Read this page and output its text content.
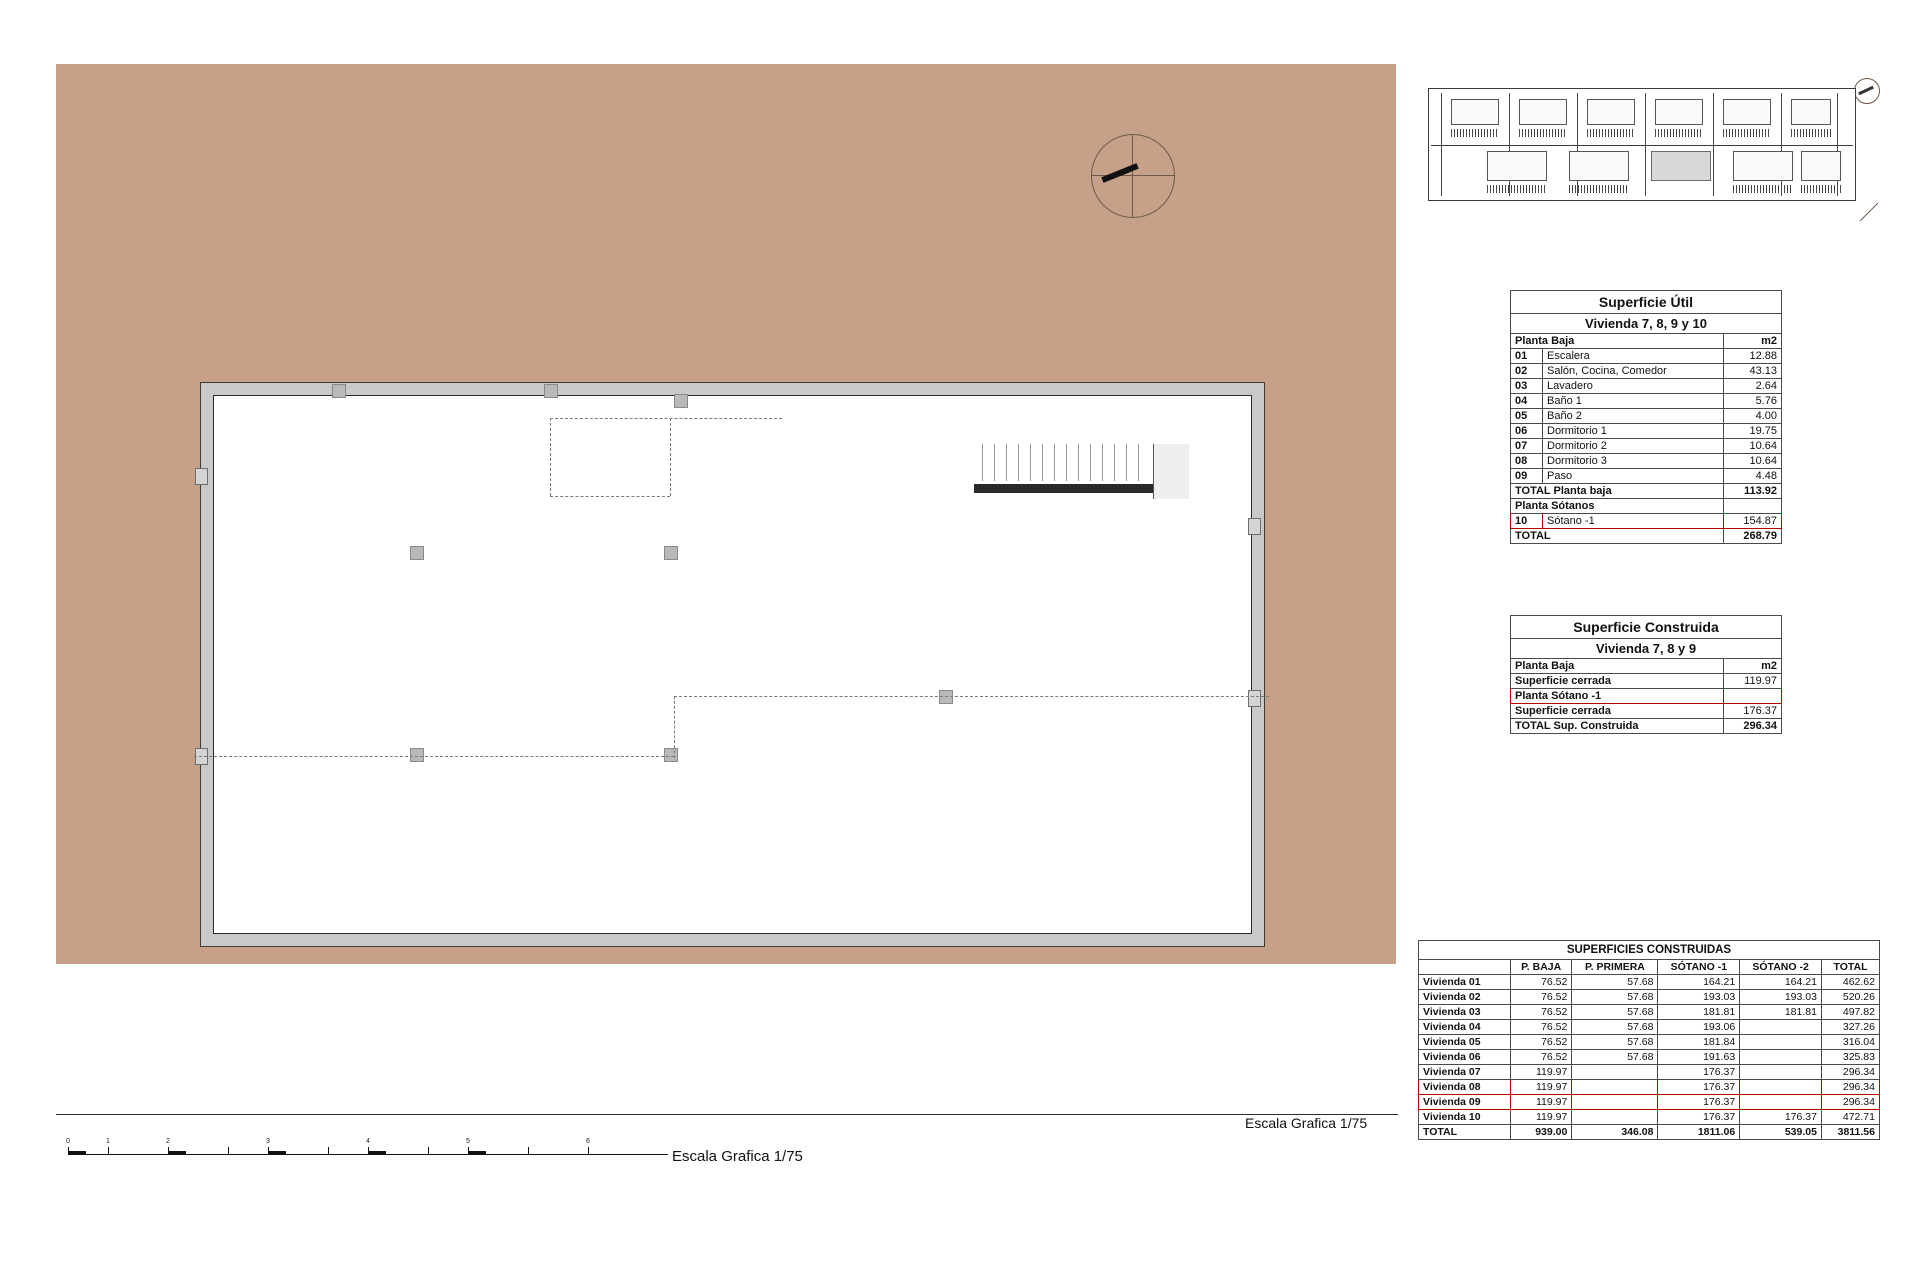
Escala Grafica 1/75
0	1	2	3	4	5	6
Escala Grafica 1/75
Superficie Útil		
Vivienda 7, 8, 9 y 10		
Planta Baja		m2
01	Escalera	12.88
02	Salón, Cocina, Comedor	43.13
03	Lavadero	2.64
04	Baño 1	5.76
05	Baño 2	4.00
06	Dormitorio 1	19.75
07	Dormitorio 2	10.64
08	Dormitorio 3	10.64
09	Paso	4.48
TOTAL Planta baja		113.92
Planta Sótanos		
10	Sótano -1	154.87
TOTAL		268.79
Superficie Construida	
Vivienda 7, 8 y 9	
Planta Baja	m2
Superficie cerrada	119.97
Planta Sótano -1	
Superficie cerrada	176.37
TOTAL Sup. Construida	296.34
SUPERFICIES CONSTRUIDAS					
	P. BAJA	P. PRIMERA	SÓTANO -1	SÓTANO -2	TOTAL
Vivienda 01	76.52	57.68	164.21	164.21	462.62
Vivienda 02	76.52	57.68	193.03	193.03	520.26
Vivienda 03	76.52	57.68	181.81	181.81	497.82
Vivienda 04	76.52	57.68	193.06		327.26
Vivienda 05	76.52	57.68	181.84		316.04
Vivienda 06	76.52	57.68	191.63		325.83
Vivienda 07	119.97		176.37		296.34
Vivienda 08	119.97		176.37		296.34
Vivienda 09	119.97		176.37		296.34
Vivienda 10	119.97		176.37	176.37	472.71
TOTAL	939.00	346.08	1811.06	539.05	3811.56
